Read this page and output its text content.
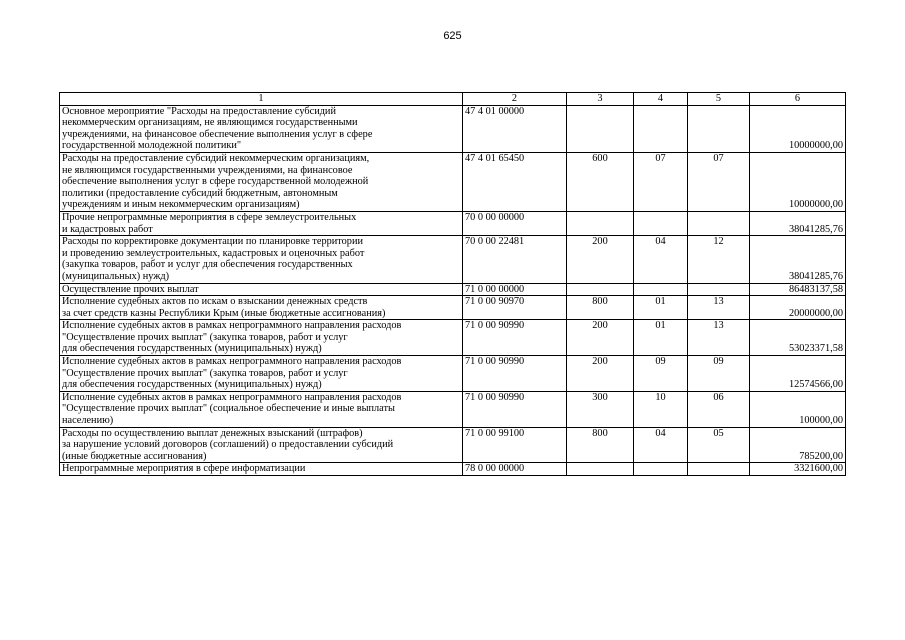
625
1	2	3	4	5	6

Основное мероприятие "Расходы на предоставление субсидий
некоммерческим организациям, не являющимся государственными
учреждениями, на финансовое обеспечение выполнения услуг в сфере
государственной молодежной политики"	47 4 01 00000				10000000,00

Расходы на предоставление субсидий некоммерческим организациям,
не являющимся государственными учреждениями, на финансовое
обеспечение выполнения услуг в сфере государственной молодежной
политики (предоставление субсидий бюджетным, автономным
учреждениям и иным некоммерческим организациям)	47 4 01 65450	600	07	07	10000000,00

Прочие непрограммные мероприятия в сфере землеустроительных
и кадастровых работ	70 0 00 00000				38041285,76

Расходы по корректировке документации по планировке территории
и проведению землеустроительных, кадастровых и оценочных работ
(закупка товаров, работ и услуг для обеспечения государственных
(муниципальных) нужд)	70 0 00 22481	200	04	12	38041285,76

Осуществление прочих выплат	71 0 00 00000				86483137,58

Исполнение судебных актов по искам о взыскании денежных средств
за счет средств казны Республики Крым (иные бюджетные ассигнования)	71 0 00 90970	800	01	13	20000000,00

Исполнение судебных актов в рамках непрограммного направления расходов
"Осуществление прочих выплат" (закупка товаров, работ и услуг
для обеспечения государственных (муниципальных) нужд)	71 0 00 90990	200	01	13	53023371,58

Исполнение судебных актов в рамках непрограммного направления расходов
"Осуществление прочих выплат" (закупка товаров, работ и услуг
для обеспечения государственных (муниципальных) нужд)	71 0 00 90990	200	09	09	12574566,00

Исполнение судебных актов в рамках непрограммного направления расходов
"Осуществление прочих выплат" (социальное обеспечение и иные выплаты
населению)	71 0 00 90990	300	10	06	100000,00

Расходы по осуществлению выплат денежных взысканий (штрафов)
за нарушение условий договоров (соглашений) о предоставлении субсидий
(иные бюджетные ассигнования)	71 0 00 99100	800	04	05	785200,00

Непрограммные мероприятия в сфере информатизации	78 0 00 00000				3321600,00
